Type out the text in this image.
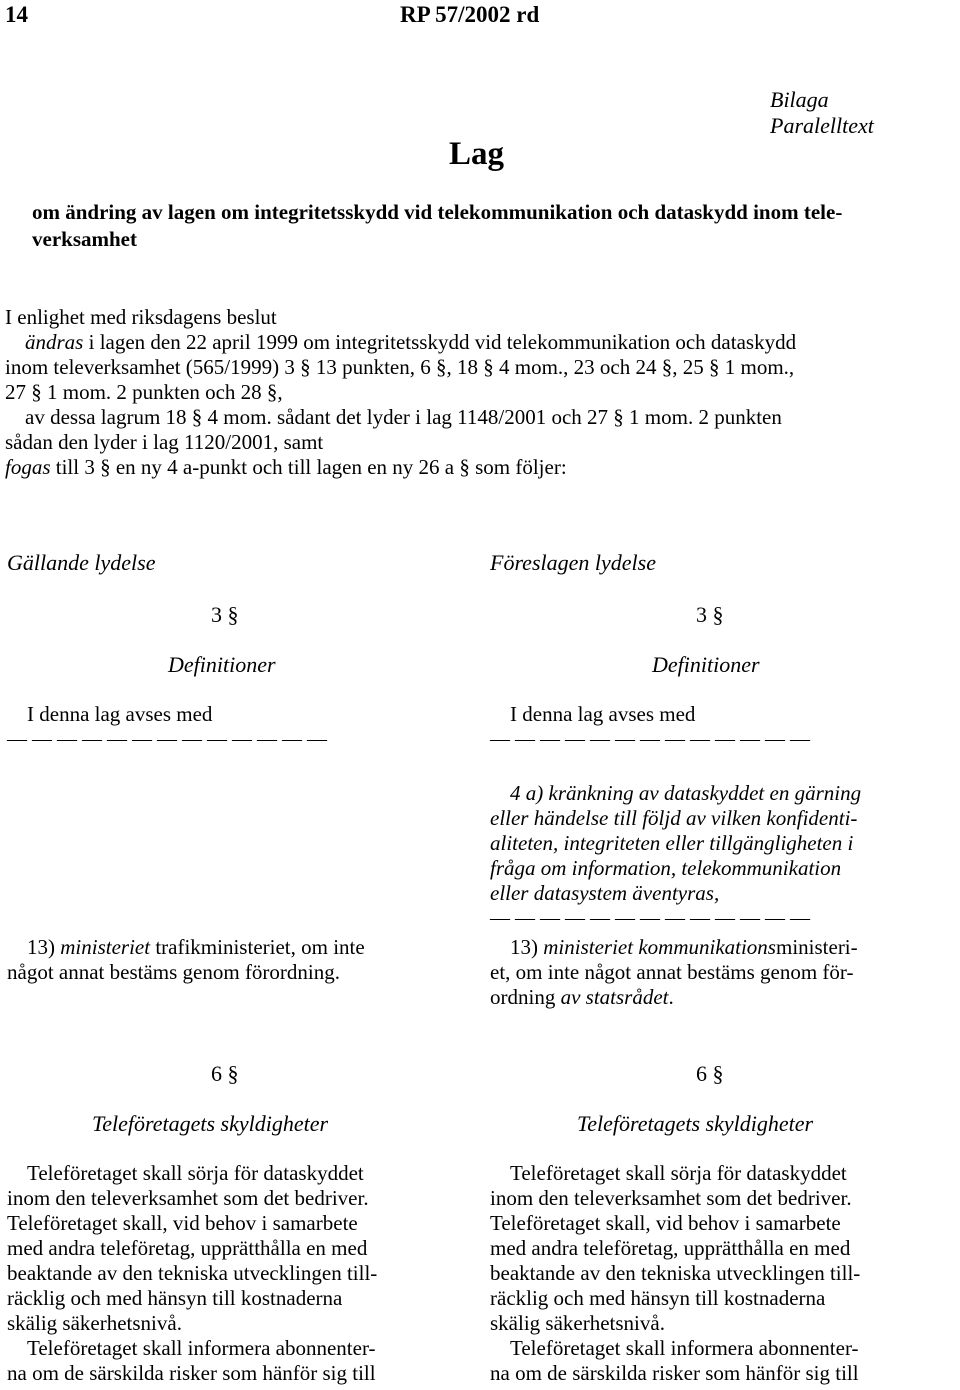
14	RP 57/2002 rd
Bilaga
Paralelltext
Lag
om ändring av lagen om integritetsskydd vid telekommunikation och dataskydd inom tele-
verksamhet
I enlighet med riksdagens beslut
ändras i lagen den 22 april 1999 om integritetsskydd vid telekommunikation och dataskydd
inom televerksamhet (565/1999) 3 § 13 punkten, 6 §, 18 § 4 mom., 23 och 24 §, 25 § 1 mom.,
27 § 1 mom. 2 punkten och 28 §,
av dessa lagrum 18 § 4 mom. sådant det lyder i lag 1148/2001 och 27 § 1 mom. 2 punkten
sådan den lyder i lag 1120/2001, samt
fogas till 3 § en ny 4 a-punkt och till lagen en ny 26 a § som följer:
Gällande lydelse	Föreslagen lydelse
3 §
Definitioner
I denna lag avses med
— — — — — — — — — — — — —
3 §
Definitioner
I denna lag avses med
— — — — — — — — — — — — —
4 a) kränkning av dataskyddet en gärning
eller händelse till följd av vilken konfidenti-
aliteten, integriteten eller tillgängligheten i
fråga om information, telekommunikation
eller datasystem äventyras,
— — — — — — — — — — — — —
13) ministeriet trafikministeriet, om inte
något annat bestäms genom förordning.
13) ministeriet kommunikationsministeri-
et, om inte något annat bestäms genom för-
ordning av statsrådet.
6 §
Teleföretagets skyldigheter
Teleföretaget skall sörja för dataskyddet
inom den televerksamhet som det bedriver.
Teleföretaget skall, vid behov i samarbete
med andra teleföretag, upprätthålla en med
beaktande av den tekniska utvecklingen till-
räcklig och med hänsyn till kostnaderna
skälig säkerhetsnivå.
Teleföretaget skall informera abonnenter-
na om de särskilda risker som hänför sig till
6 §
Teleföretagets skyldigheter
Teleföretaget skall sörja för dataskyddet
inom den televerksamhet som det bedriver.
Teleföretaget skall, vid behov i samarbete
med andra teleföretag, upprätthålla en med
beaktande av den tekniska utvecklingen till-
räcklig och med hänsyn till kostnaderna
skälig säkerhetsnivå.
Teleföretaget skall informera abonnenter-
na om de särskilda risker som hänför sig till
